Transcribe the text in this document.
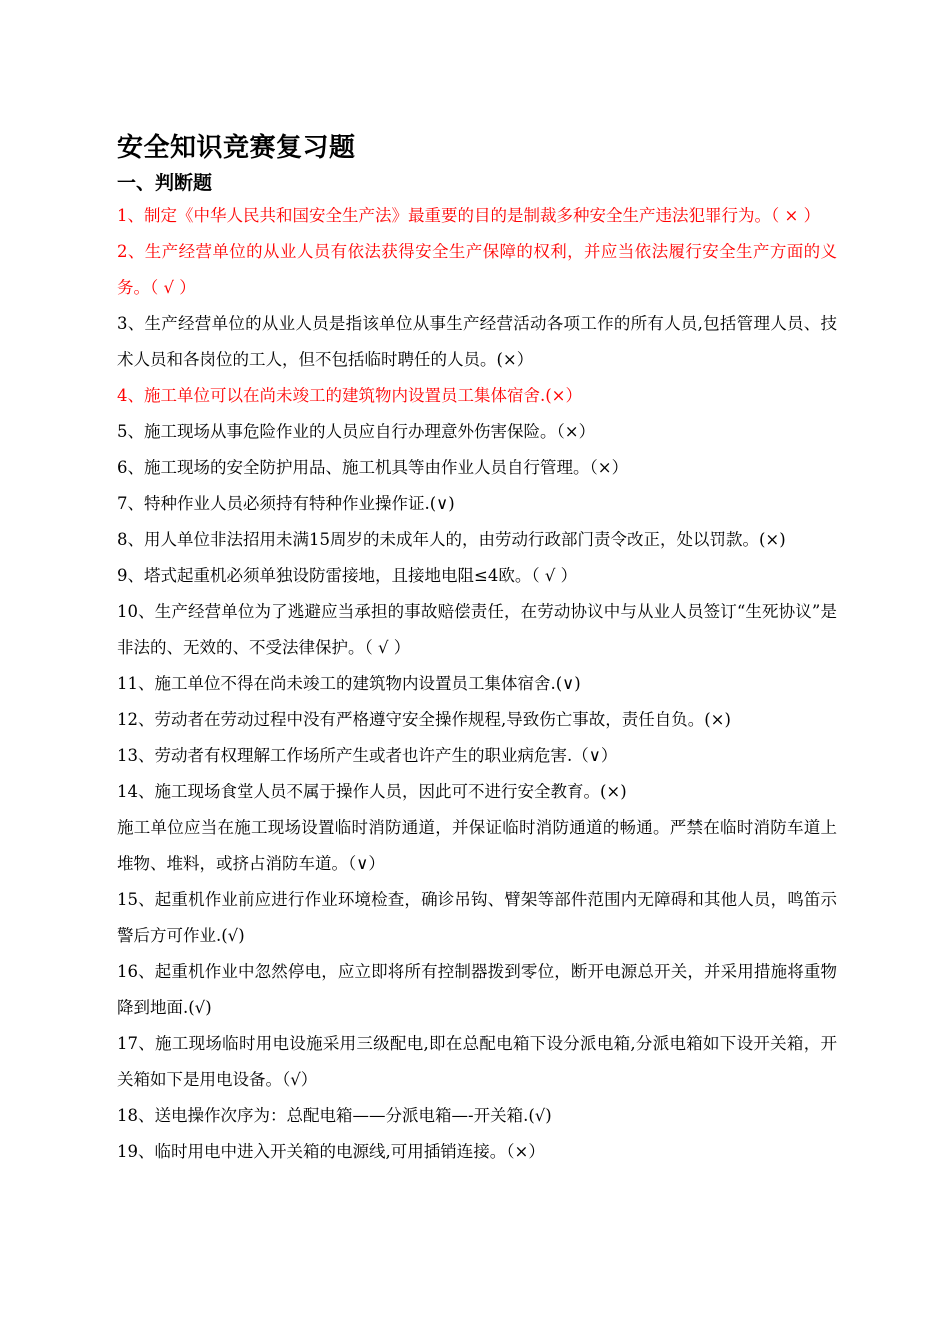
安全知识竞赛复习题
一、判断题

1、制定《中华人民共和国安全生产法》最重要的目的是制裁多种安全生产违法犯罪行为。（ × ）

2、生产经营单位的从业人员有依法获得安全生产保障的权利，并应当依法履行安全生产方面的义务。（ √ ）

3、生产经营单位的从业人员是指该单位从事生产经营活动各项工作的所有人员,包括管理人员、技术人员和各岗位的工人，但不包括临时聘任的人员。(×）

4、施工单位可以在尚未竣工的建筑物内设置员工集体宿舍.(×）

5、施工现场从事危险作业的人员应自行办理意外伤害保险。（×）

6、施工现场的安全防护用品、施工机具等由作业人员自行管理。（×）

7、特种作业人员必须持有特种作业操作证.(∨)

8、用人单位非法招用未满15周岁的未成年人的，由劳动行政部门责令改正，处以罚款。(×)

9、塔式起重机必须单独设防雷接地，且接地电阻≤4欧。（ √ ）

10、生产经营单位为了逃避应当承担的事故赔偿责任，在劳动协议中与从业人员签订“生死协议”是非法的、无效的、不受法律保护。（ √ ）

11、施工单位不得在尚未竣工的建筑物内设置员工集体宿舍.(∨)

12、劳动者在劳动过程中没有严格遵守安全操作规程,导致伤亡事故，责任自负。(×)

13、劳动者有权理解工作场所产生或者也许产生的职业病危害.（∨）

14、施工现场食堂人员不属于操作人员，因此可不进行安全教育。(×)

施工单位应当在施工现场设置临时消防通道，并保证临时消防通道的畅通。严禁在临时消防车道上堆物、堆料，或挤占消防车道。（∨）

15、起重机作业前应进行作业环境检查，确诊吊钩、臂架等部件范围内无障碍和其他人员，鸣笛示警后方可作业.(√)

16、起重机作业中忽然停电，应立即将所有控制器拨到零位，断开电源总开关，并采用措施将重物降到地面.(√)

17、施工现场临时用电设施采用三级配电,即在总配电箱下设分派电箱,分派电箱如下设开关箱，开关箱如下是用电设备。（√）

18、送电操作次序为：总配电箱——分派电箱—-开关箱.(√)

19、临时用电中进入开关箱的电源线,可用插销连接。（×）
